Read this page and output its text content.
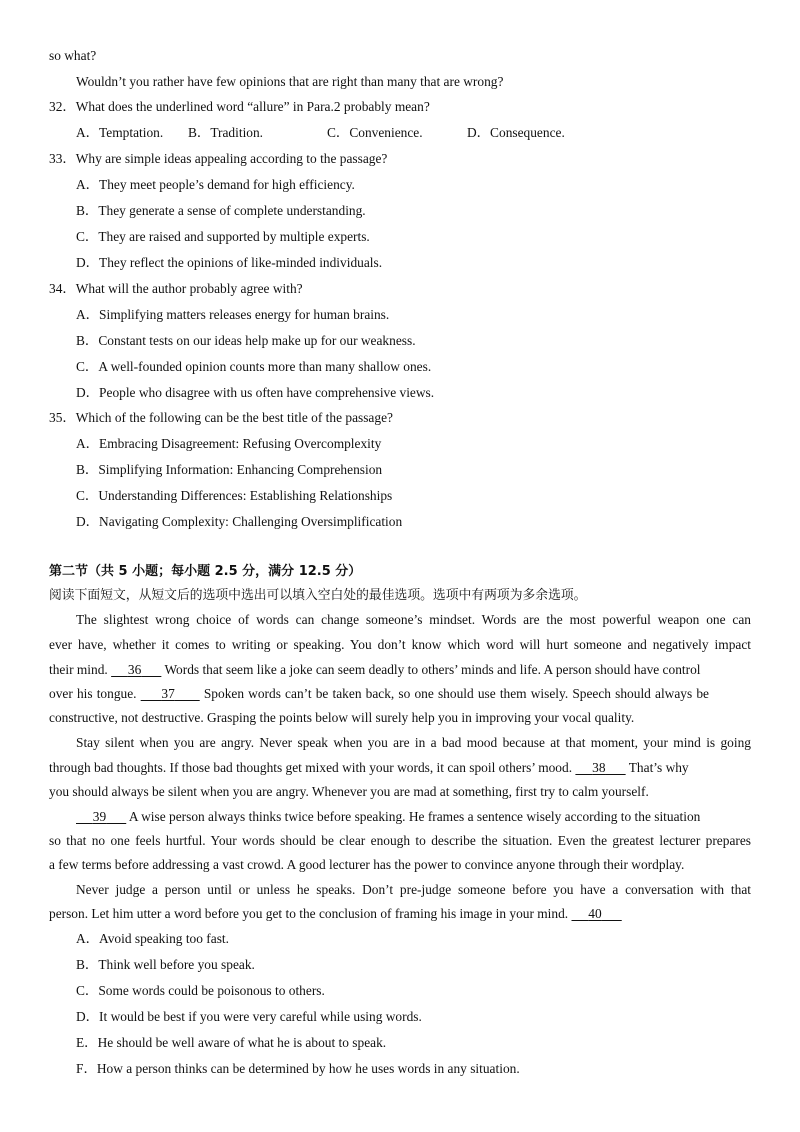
so what?
Wouldn’t you rather have few opinions that are right than many that are wrong?
32．What does the underlined word “allure” in Para.2 probably mean?
A．Temptation. B．Tradition.	C．Convenience.	D．Consequence.
33．Why are simple ideas appealing according to the passage?
A．They meet people’s demand for high efficiency.
B．They generate a sense of complete understanding.
C．They are raised and supported by multiple experts.
D．They reflect the opinions of like-minded individuals.
34．What will the author probably agree with?
A．Simplifying matters releases energy for human brains.
B．Constant tests on our ideas help make up for our weakness.
C．A well-founded opinion counts more than many shallow ones.
D．People who disagree with us often have comprehensive views.
35．Which of the following can be the best title of the passage?
A．Embracing Disagreement: Refusing Overcomplexity
B．Simplifying Information: Enhancing Comprehension
C．Understanding Differences: Establishing Relationships
D．Navigating Complexity: Challenging Oversimplification
第二节（共 5 小题；每小题 2.5 分，满分 12.5 分）
阅读下面短文，从短文后的选项中选出可以填入空白处的最佳选项。选项中有两项为多余选项。
The slightest wrong choice of words can change someone’s mindset. Words are the most powerful weapon one can
ever have, whether it comes to writing or speaking. You don’t know which word will hurt someone and negatively impact
their mind. 36 Words that seem like a joke can seem deadly to others’ minds and life. A person should have control
over his tongue. 37 Spoken words can’t be taken back, so one should use them wisely. Speech should always be
constructive, not destructive. Grasping the points below will surely help you in improving your vocal quality.
Stay silent when you are angry. Never speak when you are in a bad mood because at that moment, your mind is going
through bad thoughts. If those bad thoughts get mixed with your words, it can spoil others’ mood. 38 That’s why
you should always be silent when you are angry. Whenever you are mad at something, first try to calm yourself.
39 A wise person always thinks twice before speaking. He frames a sentence wisely according to the situation
so that no one feels hurtful. Your words should be clear enough to describe the situation. Even the greatest lecturer prepares
a few terms before addressing a vast crowd. A good lecturer has the power to convince anyone through their wordplay.
Never judge a person until or unless he speaks. Don’t pre-judge someone before you have a conversation with that
person. Let him utter a word before you get to the conclusion of framing his image in your mind. 40
A．Avoid speaking too fast.
B．Think well before you speak.
C．Some words could be poisonous to others.
D．It would be best if you were very careful while using words.
E．He should be well aware of what he is about to speak.
F．How a person thinks can be determined by how he uses words in any situation.
